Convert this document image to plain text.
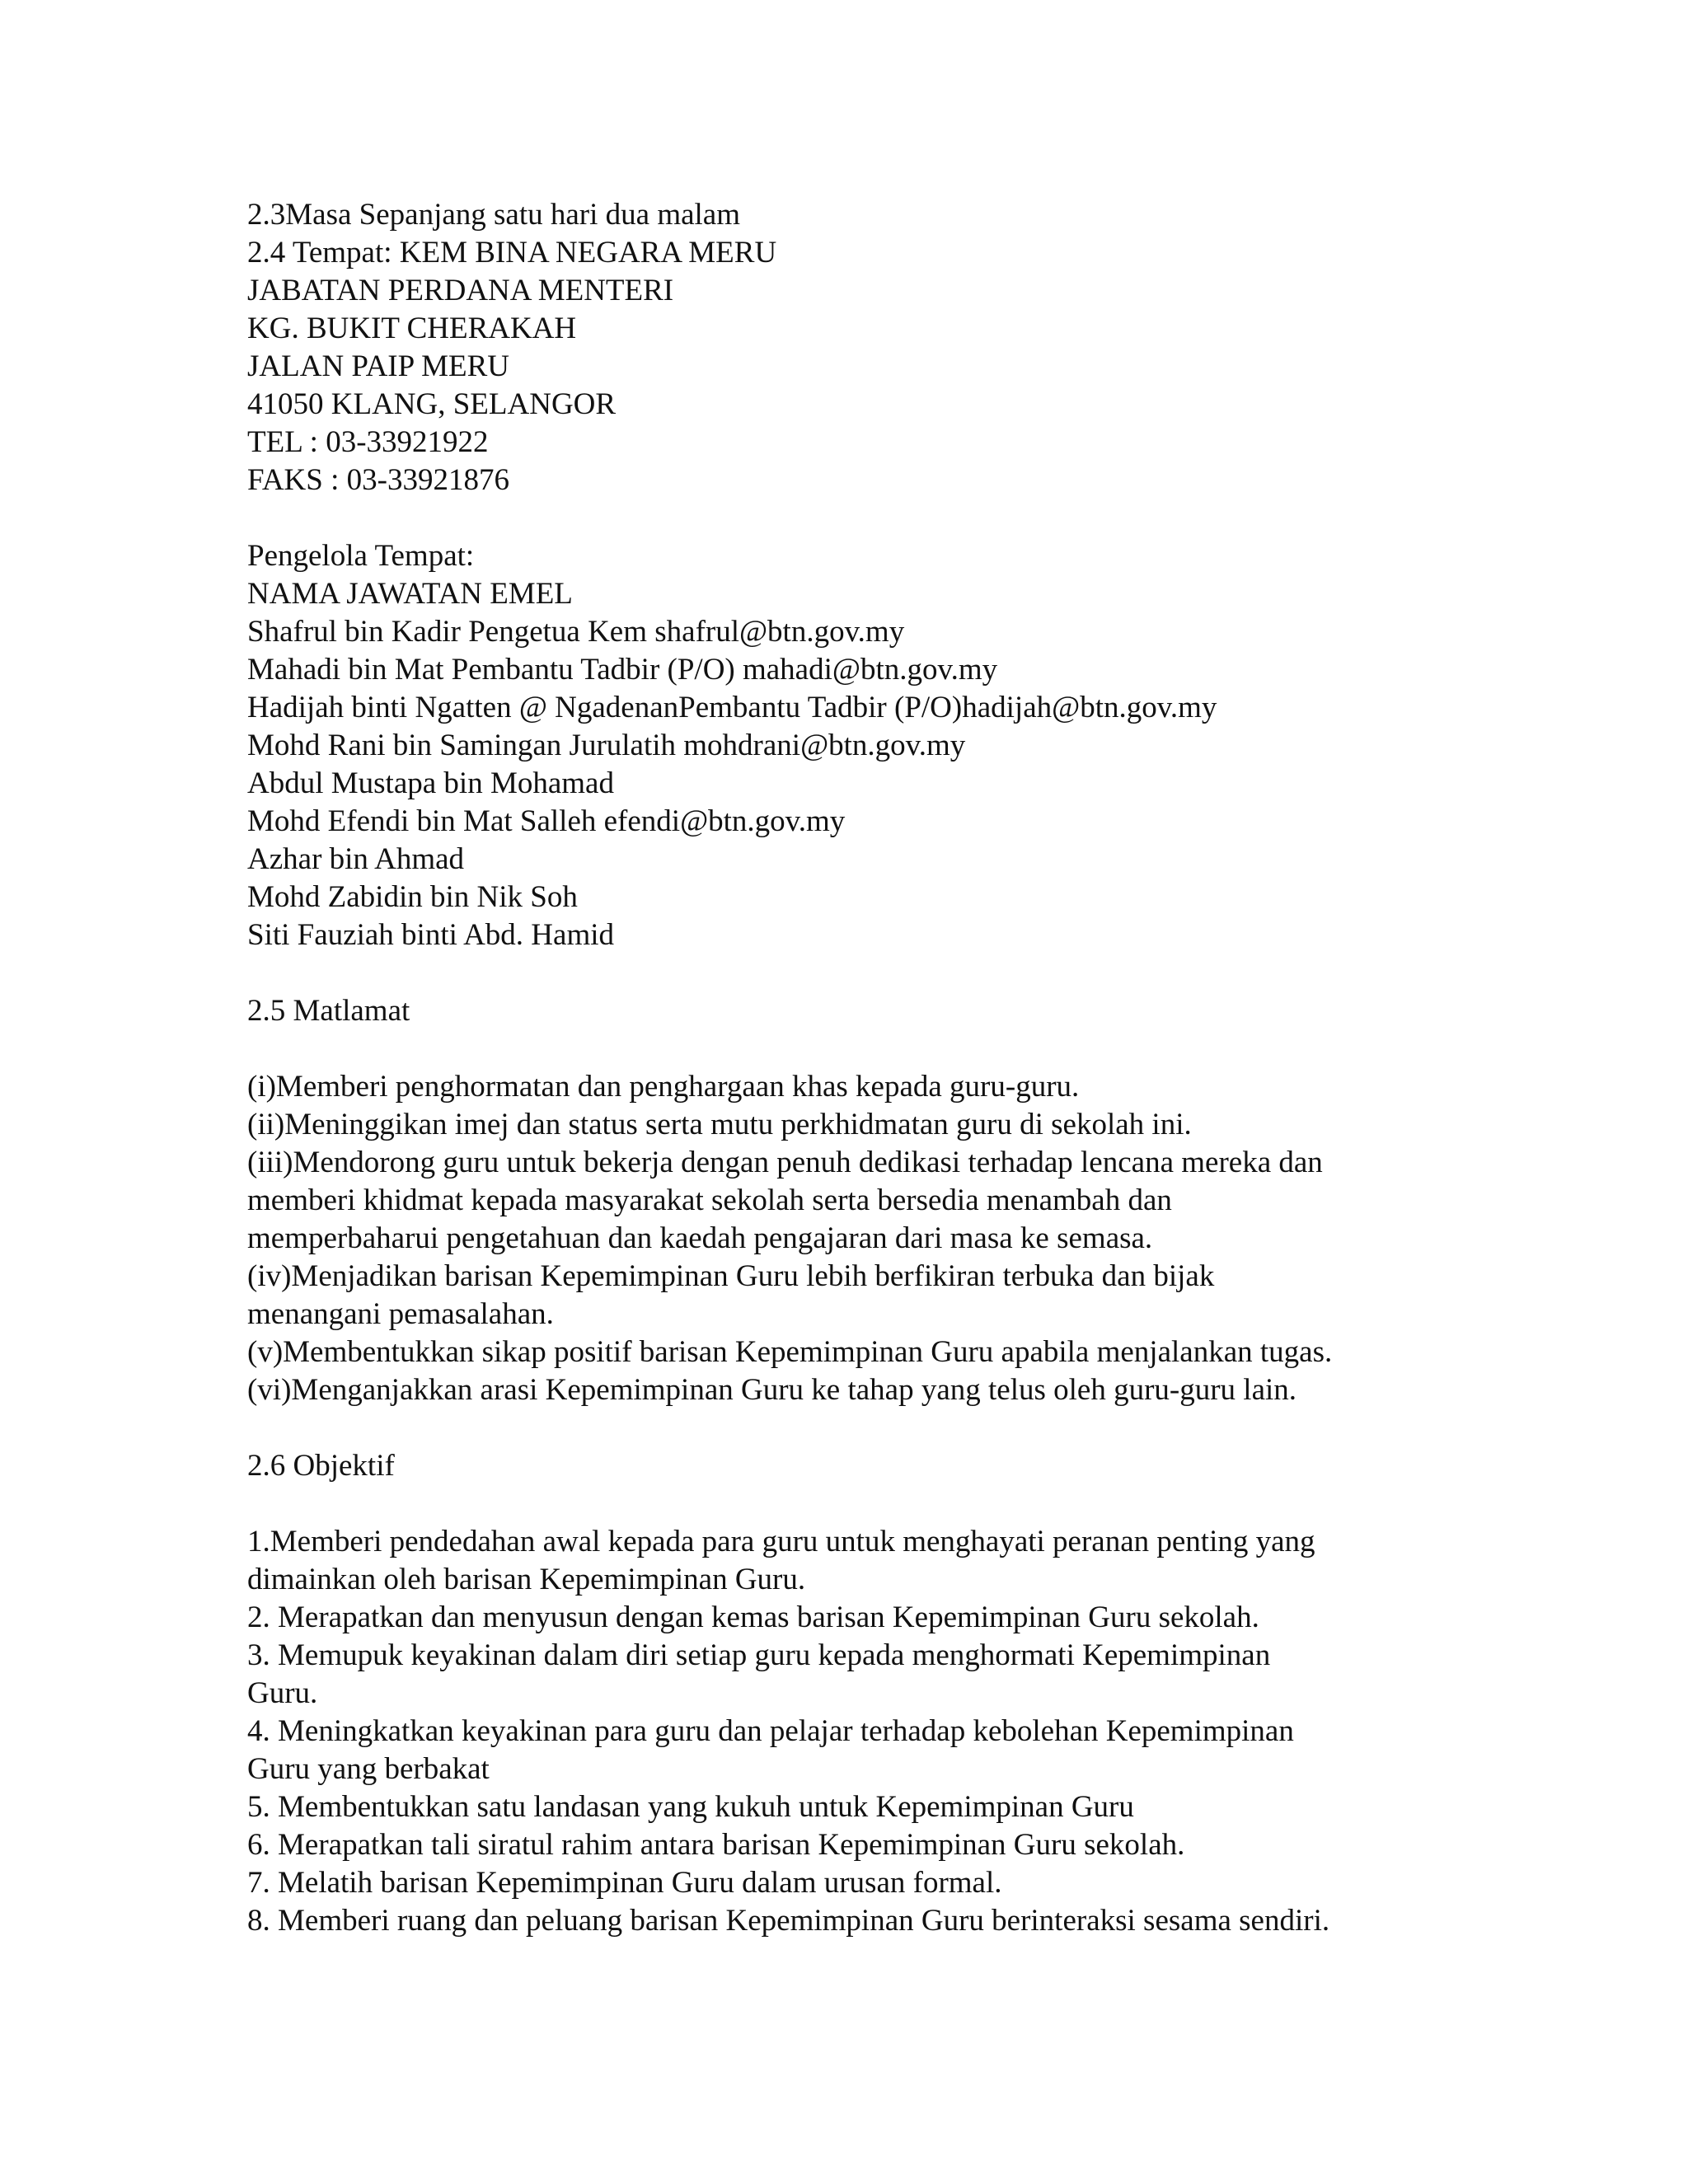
2.3Masa Sepanjang satu hari dua malam
2.4 Tempat: KEM BINA NEGARA MERU
JABATAN PERDANA MENTERI
KG. BUKIT CHERAKAH
JALAN PAIP MERU
41050 KLANG, SELANGOR
TEL : 03-33921922
FAKS : 03-33921876
Pengelola Tempat:
NAMA JAWATAN EMEL
Shafrul bin Kadir Pengetua Kem shafrul@btn.gov.my
Mahadi bin Mat Pembantu Tadbir (P/O) mahadi@btn.gov.my
Hadijah binti Ngatten @ NgadenanPembantu Tadbir (P/O)hadijah@btn.gov.my
Mohd Rani bin Samingan Jurulatih mohdrani@btn.gov.my
Abdul Mustapa bin Mohamad
Mohd Efendi bin Mat Salleh efendi@btn.gov.my
Azhar bin Ahmad
Mohd Zabidin bin Nik Soh
Siti Fauziah binti Abd. Hamid
2.5 Matlamat
(i)Memberi penghormatan dan penghargaan khas kepada guru-guru.
(ii)Meninggikan imej dan status serta mutu perkhidmatan guru di sekolah ini.
(iii)Mendorong guru untuk bekerja dengan penuh dedikasi terhadap lencana mereka dan
memberi khidmat kepada masyarakat sekolah serta bersedia menambah dan
memperbaharui pengetahuan dan kaedah pengajaran dari masa ke semasa.
(iv)Menjadikan barisan Kepemimpinan Guru lebih berfikiran terbuka dan bijak
menangani pemasalahan.
(v)Membentukkan sikap positif barisan Kepemimpinan Guru apabila menjalankan tugas.
(vi)Menganjakkan arasi Kepemimpinan Guru ke tahap yang telus oleh guru-guru lain.
2.6 Objektif
1.Memberi pendedahan awal kepada para guru untuk menghayati peranan penting yang
dimainkan oleh barisan Kepemimpinan Guru.
2. Merapatkan dan menyusun dengan kemas barisan Kepemimpinan Guru sekolah.
3. Memupuk keyakinan dalam diri setiap guru kepada menghormati Kepemimpinan
Guru.
4. Meningkatkan keyakinan para guru dan pelajar terhadap kebolehan Kepemimpinan
Guru yang berbakat
5. Membentukkan satu landasan yang kukuh untuk Kepemimpinan Guru
6. Merapatkan tali siratul rahim antara barisan Kepemimpinan Guru sekolah.
7. Melatih barisan Kepemimpinan Guru dalam urusan formal.
8. Memberi ruang dan peluang barisan Kepemimpinan Guru berinteraksi sesama sendiri.
